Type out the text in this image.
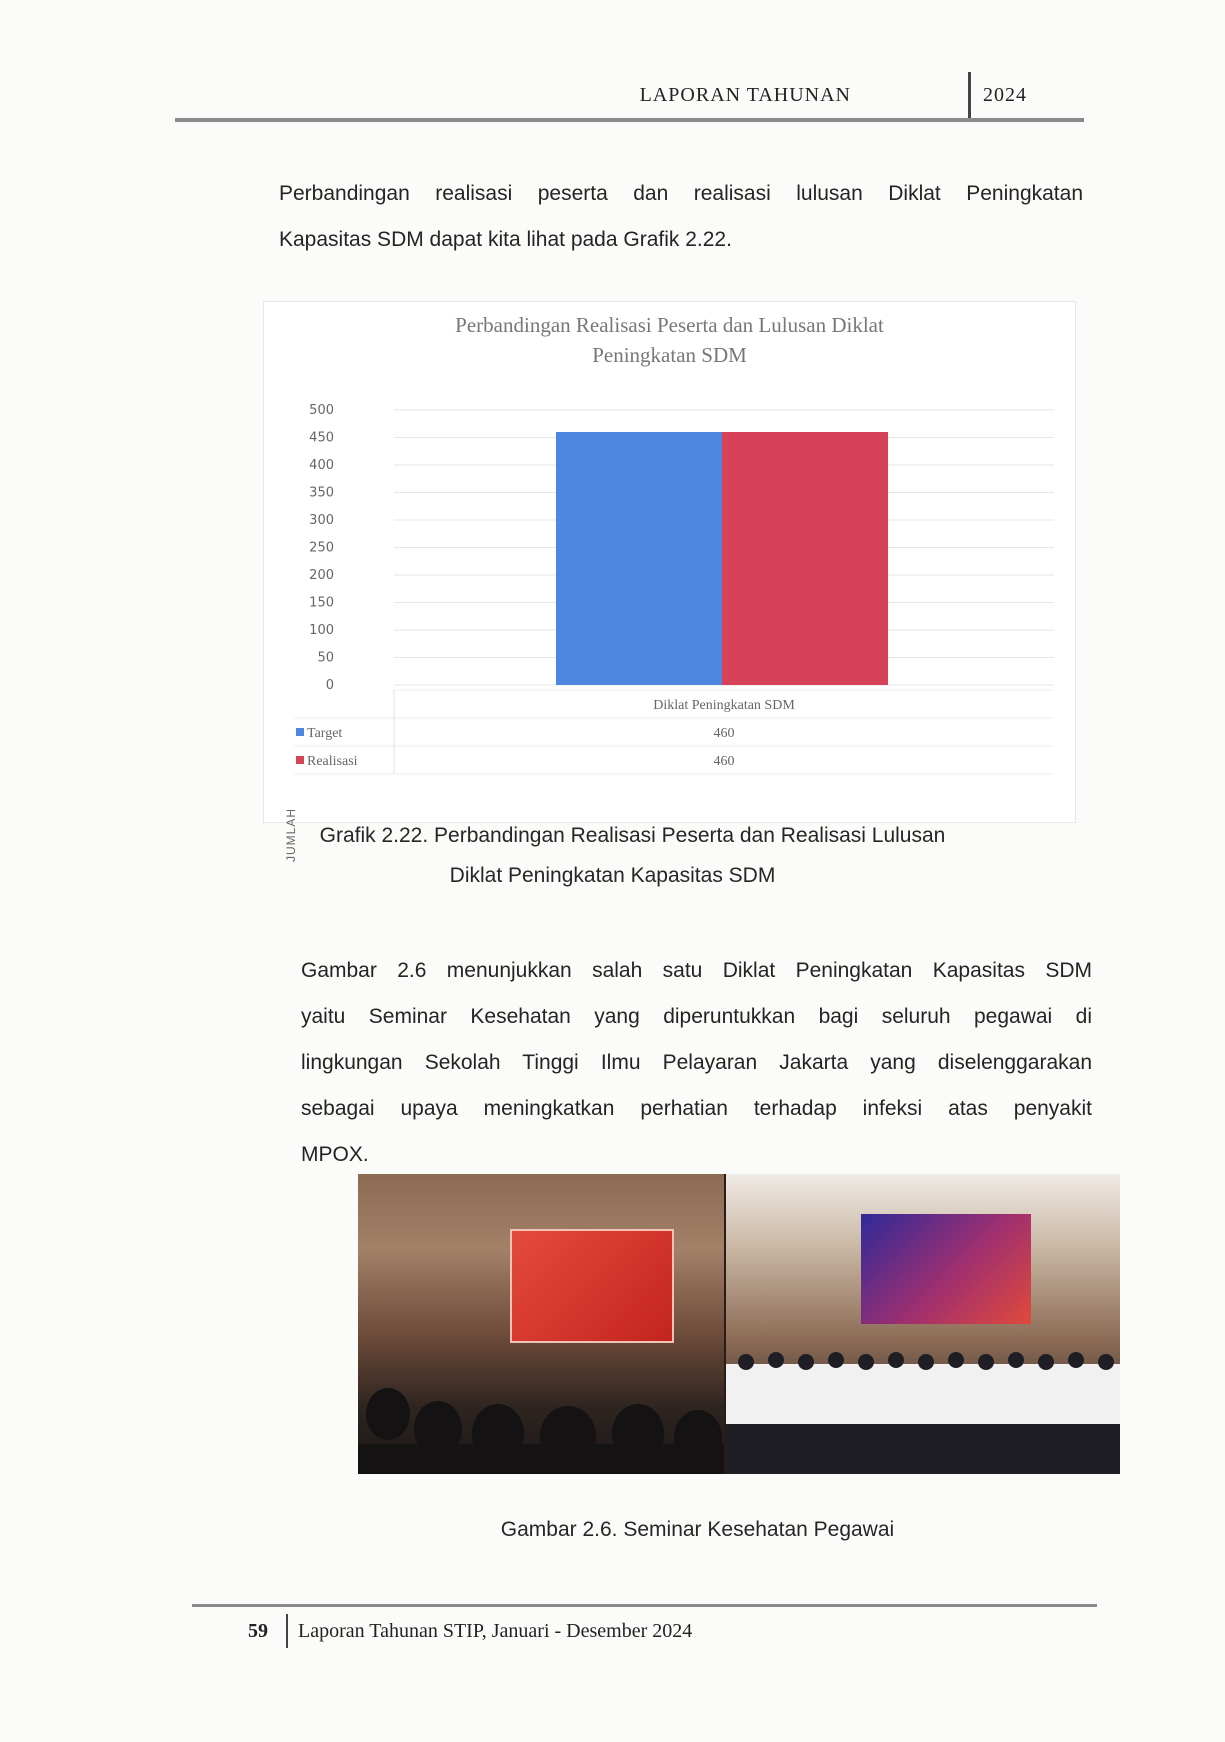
LAPORAN TAHUNAN	2024
Perbandingan realisasi peserta dan realisasi lulusan Diklat Peningkatan
Kapasitas SDM dapat kita lihat pada Grafik 2.22.
Perbandingan Realisasi Peserta dan Lulusan Diklat
Peningkatan SDM
JUMLAH
500
450
400
350
300
250
200
150
100
50
0
Diklat Peningkatan SDM
Target	460
Realisasi	460
Grafik 2.22. Perbandingan Realisasi Peserta dan Realisasi Lulusan
Diklat Peningkatan Kapasitas SDM
Gambar 2.6 menunjukkan salah satu Diklat Peningkatan Kapasitas SDM
yaitu Seminar Kesehatan yang diperuntukkan bagi seluruh pegawai di
lingkungan Sekolah Tinggi Ilmu Pelayaran Jakarta yang diselenggarakan
sebagai upaya meningkatkan perhatian terhadap infeksi atas penyakit
MPOX.
Gambar 2.6. Seminar Kesehatan Pegawai
59 Laporan Tahunan STIP, Januari - Desember 2024
